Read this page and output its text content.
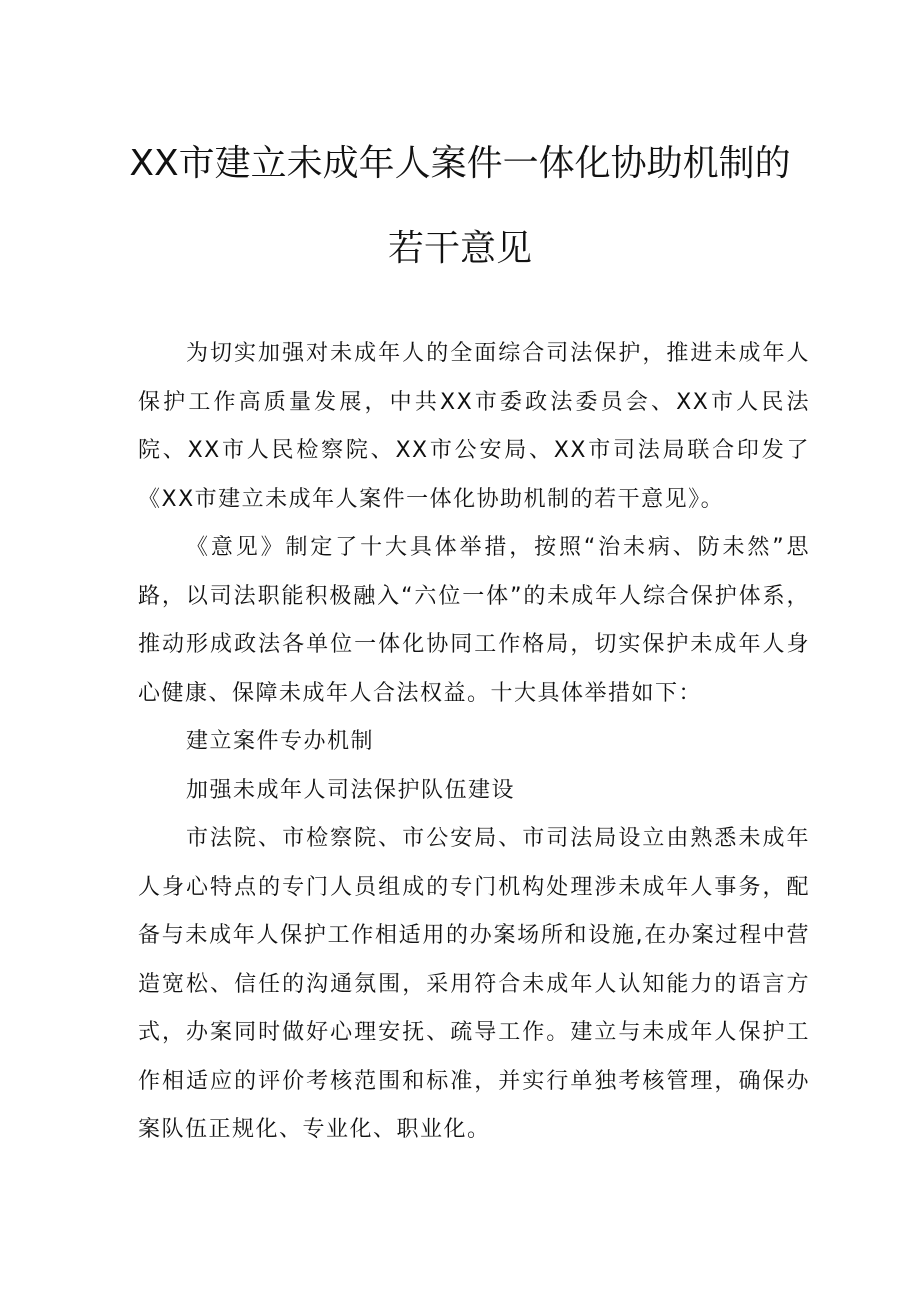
XX市建立未成年人案件一体化协助机制的
若干意见

为切实加强对未成年人的全面综合司法保护，推进未成年人保护工作高质量发展，中共XX市委政法委员会、XX市人民法院、XX市人民检察院、XX市公安局、XX市司法局联合印发了《XX市建立未成年人案件一体化协助机制的若干意见》。

《意见》制定了十大具体举措，按照“治未病、防未然”思路，以司法职能积极融入“六位一体”的未成年人综合保护体系，推动形成政法各单位一体化协同工作格局，切实保护未成年人身心健康、保障未成年人合法权益。十大具体举措如下：

建立案件专办机制

加强未成年人司法保护队伍建设

市法院、市检察院、市公安局、市司法局设立由熟悉未成年人身心特点的专门人员组成的专门机构处理涉未成年人事务，配备与未成年人保护工作相适用的办案场所和设施,在办案过程中营造宽松、信任的沟通氛围，采用符合未成年人认知能力的语言方式，办案同时做好心理安抚、疏导工作。建立与未成年人保护工作相适应的评价考核范围和标准，并实行单独考核管理，确保办案队伍正规化、专业化、职业化。
